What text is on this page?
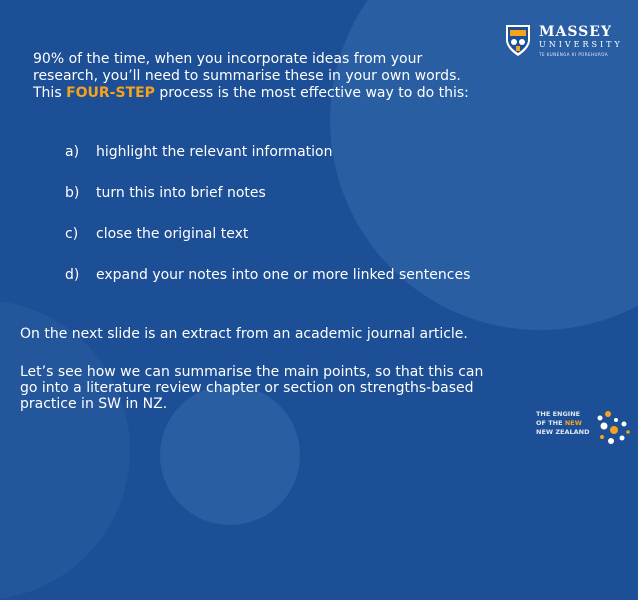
MASSEY
UNIVERSITY
TE KUNENGA KI PŪREHUROA
90% of the time, when you incorporate ideas from your
research, you’ll need to summarise these in your own words.
This FOUR-STEP process is the most effective way to do this:
a) highlight the relevant information
b) turn this into brief notes
c) close the original text
d) expand your notes into one or more linked sentences
On the next slide is an extract from an academic journal article.
Let’s see how we can summarise the main points, so that this can
go into a literature review chapter or section on strengths-based
practice in SW in NZ.
THE ENGINE
OF THE NEW
NEW ZEALAND
